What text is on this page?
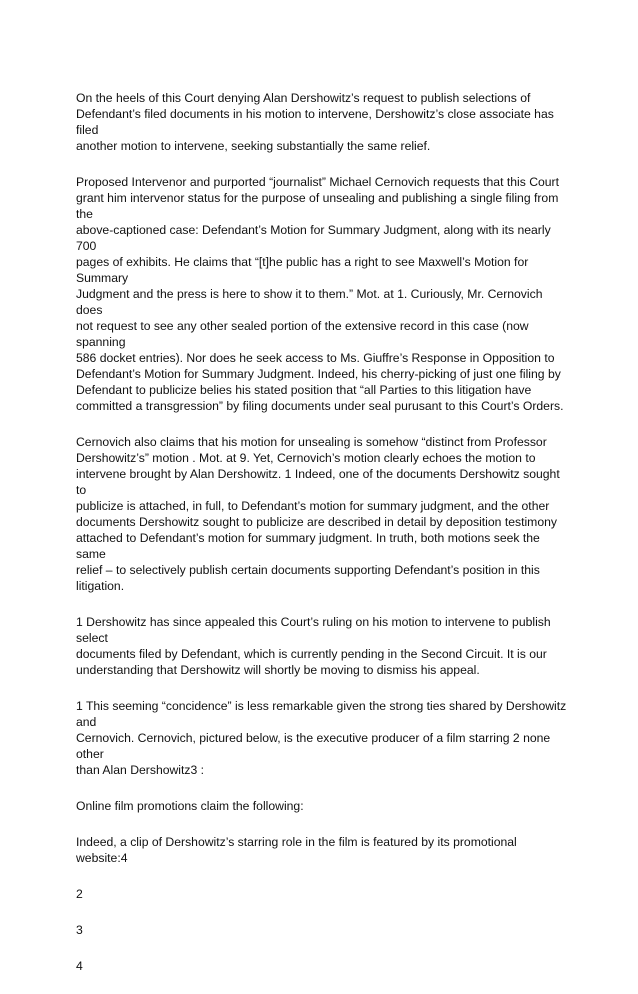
On the heels of this Court denying Alan Dershowitz’s request to publish selections of
Defendant’s filed documents in his motion to intervene, Dershowitz’s close associate has filed
another motion to intervene, seeking substantially the same relief.

Proposed Intervenor and purported “journalist” Michael Cernovich requests that this Court
grant him intervenor status for the purpose of unsealing and publishing a single filing from the
above-captioned case: Defendant’s Motion for Summary Judgment, along with its nearly 700
pages of exhibits. He claims that “[t]he public has a right to see Maxwell’s Motion for Summary
Judgment and the press is here to show it to them.” Mot. at 1. Curiously, Mr. Cernovich does
not request to see any other sealed portion of the extensive record in this case (now spanning
586 docket entries). Nor does he seek access to Ms. Giuffre’s Response in Opposition to
Defendant’s Motion for Summary Judgment. Indeed, his cherry-picking of just one filing by
Defendant to publicize belies his stated position that “all Parties to this litigation have
committed a transgression” by filing documents under seal purusant to this Court’s Orders.

Cernovich also claims that his motion for unsealing is somehow “distinct from Professor
Dershowitz’s” motion . Mot. at 9. Yet, Cernovich’s motion clearly echoes the motion to
intervene brought by Alan Dershowitz. 1 Indeed, one of the documents Dershowitz sought to
publicize is attached, in full, to Defendant’s motion for summary judgment, and the other
documents Dershowitz sought to publicize are described in detail by deposition testimony
attached to Defendant’s motion for summary judgment. In truth, both motions seek the same
relief – to selectively publish certain documents supporting Defendant’s position in this
litigation.

1 Dershowitz has since appealed this Court’s ruling on his motion to intervene to publish select
documents filed by Defendant, which is currently pending in the Second Circuit. It is our
understanding that Dershowitz will shortly be moving to dismiss his appeal.

1 This seeming “concidence” is less remarkable given the strong ties shared by Dershowitz and
Cernovich. Cernovich, pictured below, is the executive producer of a film starring 2 none other
than Alan Dershowitz3 :

Online film promotions claim the following:

Indeed, a clip of Dershowitz’s starring role in the film is featured by its promotional website:4

2

3

4
